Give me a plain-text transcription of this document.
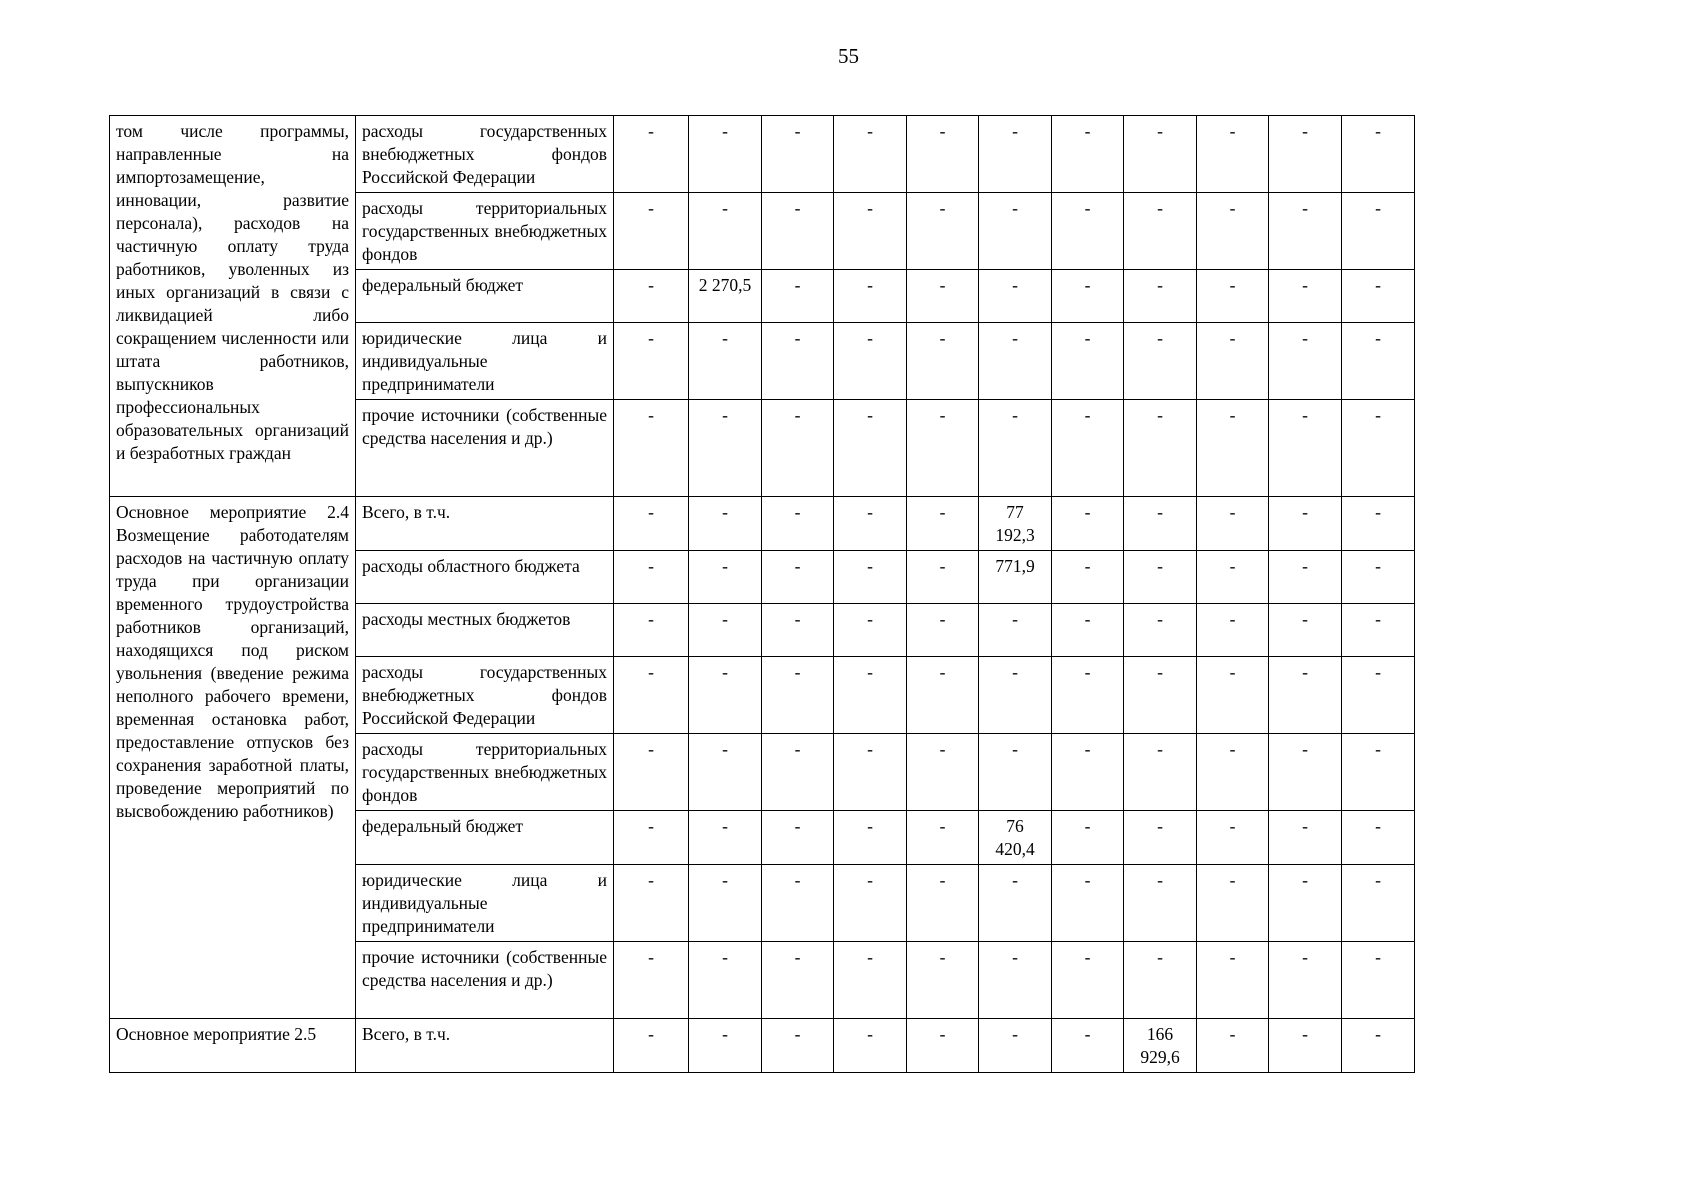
55
том числе программы, направленные на импортозамещение, инновации, развитие персонала), расходов на частичную оплату труда работников, уволенных из иных организаций в связи с ликвидацией либо сокращением численности или штата работников, выпускников профессиональных образовательных организаций и безработных граждан	расходы государственных внебюджетных фондов Российской Федерации	-	-	-	-	-	-	-	-	-	-	-
	расходы территориальных государственных внебюджетных фондов	-	-	-	-	-	-	-	-	-	-	-
	федеральный бюджет	-	2 270,5	-	-	-	-	-	-	-	-	-
	юридические лица и индивидуальные предприниматели	-	-	-	-	-	-	-	-	-	-	-
	прочие источники (собственные средства населения и др.)	-	-	-	-	-	-	-	-	-	-	-
Основное мероприятие 2.4 Возмещение работодателям расходов на частичную оплату труда при организации временного трудоустройства работников организаций, находящихся под риском увольнения (введение режима неполного рабочего времени, временная остановка работ, предоставление отпусков без сохранения заработной платы, проведение мероприятий по высвобождению работников)	Всего, в т.ч.	-	-	-	-	-	77 192,3	-	-	-	-	-
	расходы областного бюджета	-	-	-	-	-	771,9	-	-	-	-	-
	расходы местных бюджетов	-	-	-	-	-	-	-	-	-	-	-
	расходы государственных внебюджетных фондов Российской Федерации	-	-	-	-	-	-	-	-	-	-	-
	расходы территориальных государственных внебюджетных фондов	-	-	-	-	-	-	-	-	-	-	-
	федеральный бюджет	-	-	-	-	-	76 420,4	-	-	-	-	-
	юридические лица и индивидуальные предприниматели	-	-	-	-	-	-	-	-	-	-	-
	прочие источники (собственные средства населения и др.)	-	-	-	-	-	-	-	-	-	-	-
Основное мероприятие 2.5	Всего, в т.ч.	-	-	-	-	-	-	-	166 929,6	-	-	-
